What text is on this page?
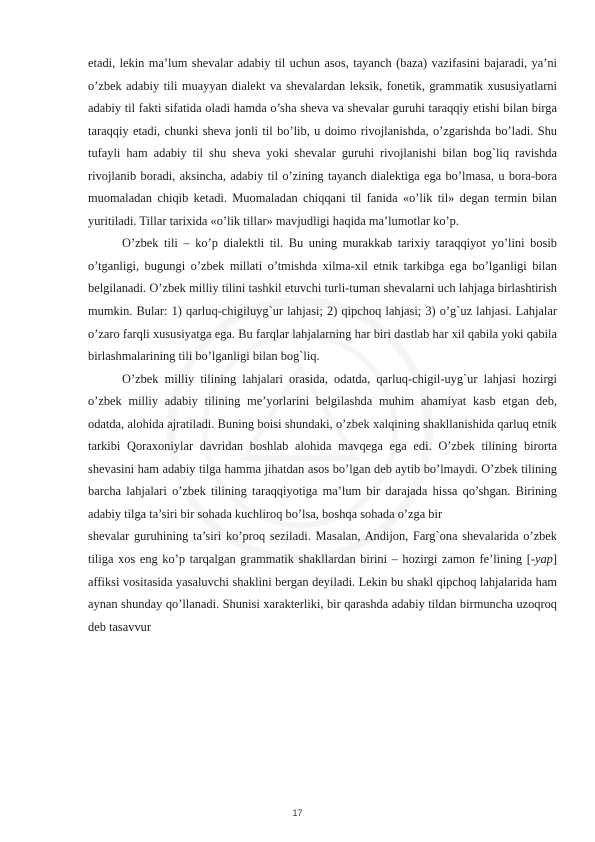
etadi, lekin ma’lum shevalar adabiy til uchun asos, tayanch (baza) vazifasini bajaradi, ya’ni o’zbek adabiy tili muayyan dialekt va shevalardan leksik, fonetik, grammatik xususiyatlarni adabiy til fakti sifatida oladi hamda o’sha sheva va shevalar guruhi taraqqiy etishi bilan birga taraqqiy etadi, chunki sheva jonli til bo’lib, u doimo rivojlanishda, o’zgarishda bo’ladi. Shu tufayli ham adabiy til shu sheva yoki shevalar guruhi rivojlanishi bilan bog`liq ravishda rivojlanib boradi, aksincha, adabiy til o’zining tayanch dialektiga ega bo’lmasa, u bora-bora muomaladan chiqib ketadi. Muomaladan chiqqani til fanida «o’lik til» degan termin bilan yuritiladi. Tillar tarixida «o’lik tillar» mavjudligi haqida ma’lumotlar ko’p.

O’zbek tili – ko’p dialektli til. Bu uning murakkab tarixiy taraqqiyot yo’lini bosib o’tganligi, bugungi o’zbek millati o’tmishda xilma-xil etnik tarkibga ega bo’lganligi bilan belgilanadi. O’zbek milliy tilini tashkil etuvchi turli-tuman shevalarni uch lahjaga birlashtirish mumkin. Bular: 1) qarluq-chigiluyg`ur lahjasi; 2) qipchoq lahjasi; 3) o’g`uz lahjasi. Lahjalar o’zaro farqli xususiyatga ega. Bu farqlar lahjalarning har biri dastlab har xil qabila yoki qabila birlashmalarining tili bo’lganligi bilan bog`liq.

O’zbek milliy tilining lahjalari orasida, odatda, qarluq-chigil-uyg`ur lahjasi hozirgi o’zbek milliy adabiy tilining me’yorlarini belgilashda muhim ahamiyat kasb etgan deb, odatda, alohida ajratiladi. Buning boisi shundaki, o’zbek xalqining shakllanishida qarluq etnik tarkibi Qoraxoniylar davridan boshlab alohida mavqega ega edi. O’zbek tilining birorta shevasini ham adabiy tilga hamma jihatdan asos bo’lgan deb aytib bo’lmaydi. O’zbek tilining barcha lahjalari o’zbek tilining taraqqiyotiga ma’lum bir darajada hissa qo’shgan. Birining adabiy tilga ta’siri bir sohada kuchliroq bo’lsa, boshqa sohada o’zga bir

shevalar guruhining ta’siri ko’proq seziladi. Masalan, Andijon, Farg`ona shevalarida o’zbek tiliga xos eng ko’p tarqalgan grammatik shakllardan birini – hozirgi zamon fe’lining [-yap] affiksi vositasida yasaluvchi shaklini bergan deyiladi. Lekin bu shakl qipchoq lahjalarida ham aynan shunday qo’llanadi. Shunisi xarakterliki, bir qarashda adabiy tildan birmuncha uzoqroq deb tasavvur

17
